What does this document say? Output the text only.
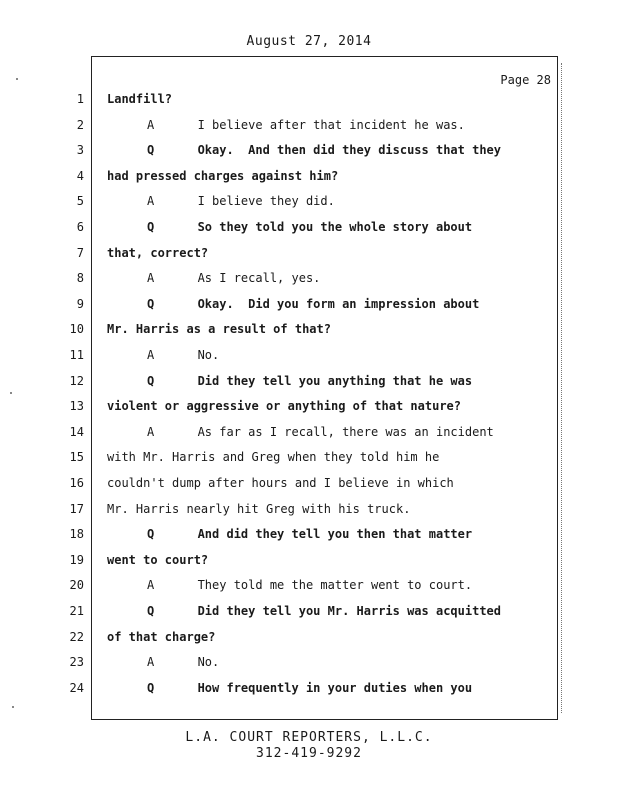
August 27, 2014
Page 28
1 Landfill?
2	A      I believe after that incident he was.
3	Q      Okay.  And then did they discuss that they
4 had pressed charges against him?
5	A      I believe they did.
6	Q      So they told you the whole story about
7 that, correct?
8	A      As I recall, yes.
9	Q      Okay.  Did you form an impression about
10 Mr. Harris as a result of that?
11	A      No.
12	Q      Did they tell you anything that he was
13 violent or aggressive or anything of that nature?
14	A      As far as I recall, there was an incident
15 with Mr. Harris and Greg when they told him he
16 couldn't dump after hours and I believe in which
17 Mr. Harris nearly hit Greg with his truck.
18	Q      And did they tell you then that matter
19 went to court?
20	A      They told me the matter went to court.
21	Q      Did they tell you Mr. Harris was acquitted
22 of that charge?
23	A      No.
24	Q      How frequently in your duties when you
L.A. COURT REPORTERS, L.L.C.
312-419-9292
